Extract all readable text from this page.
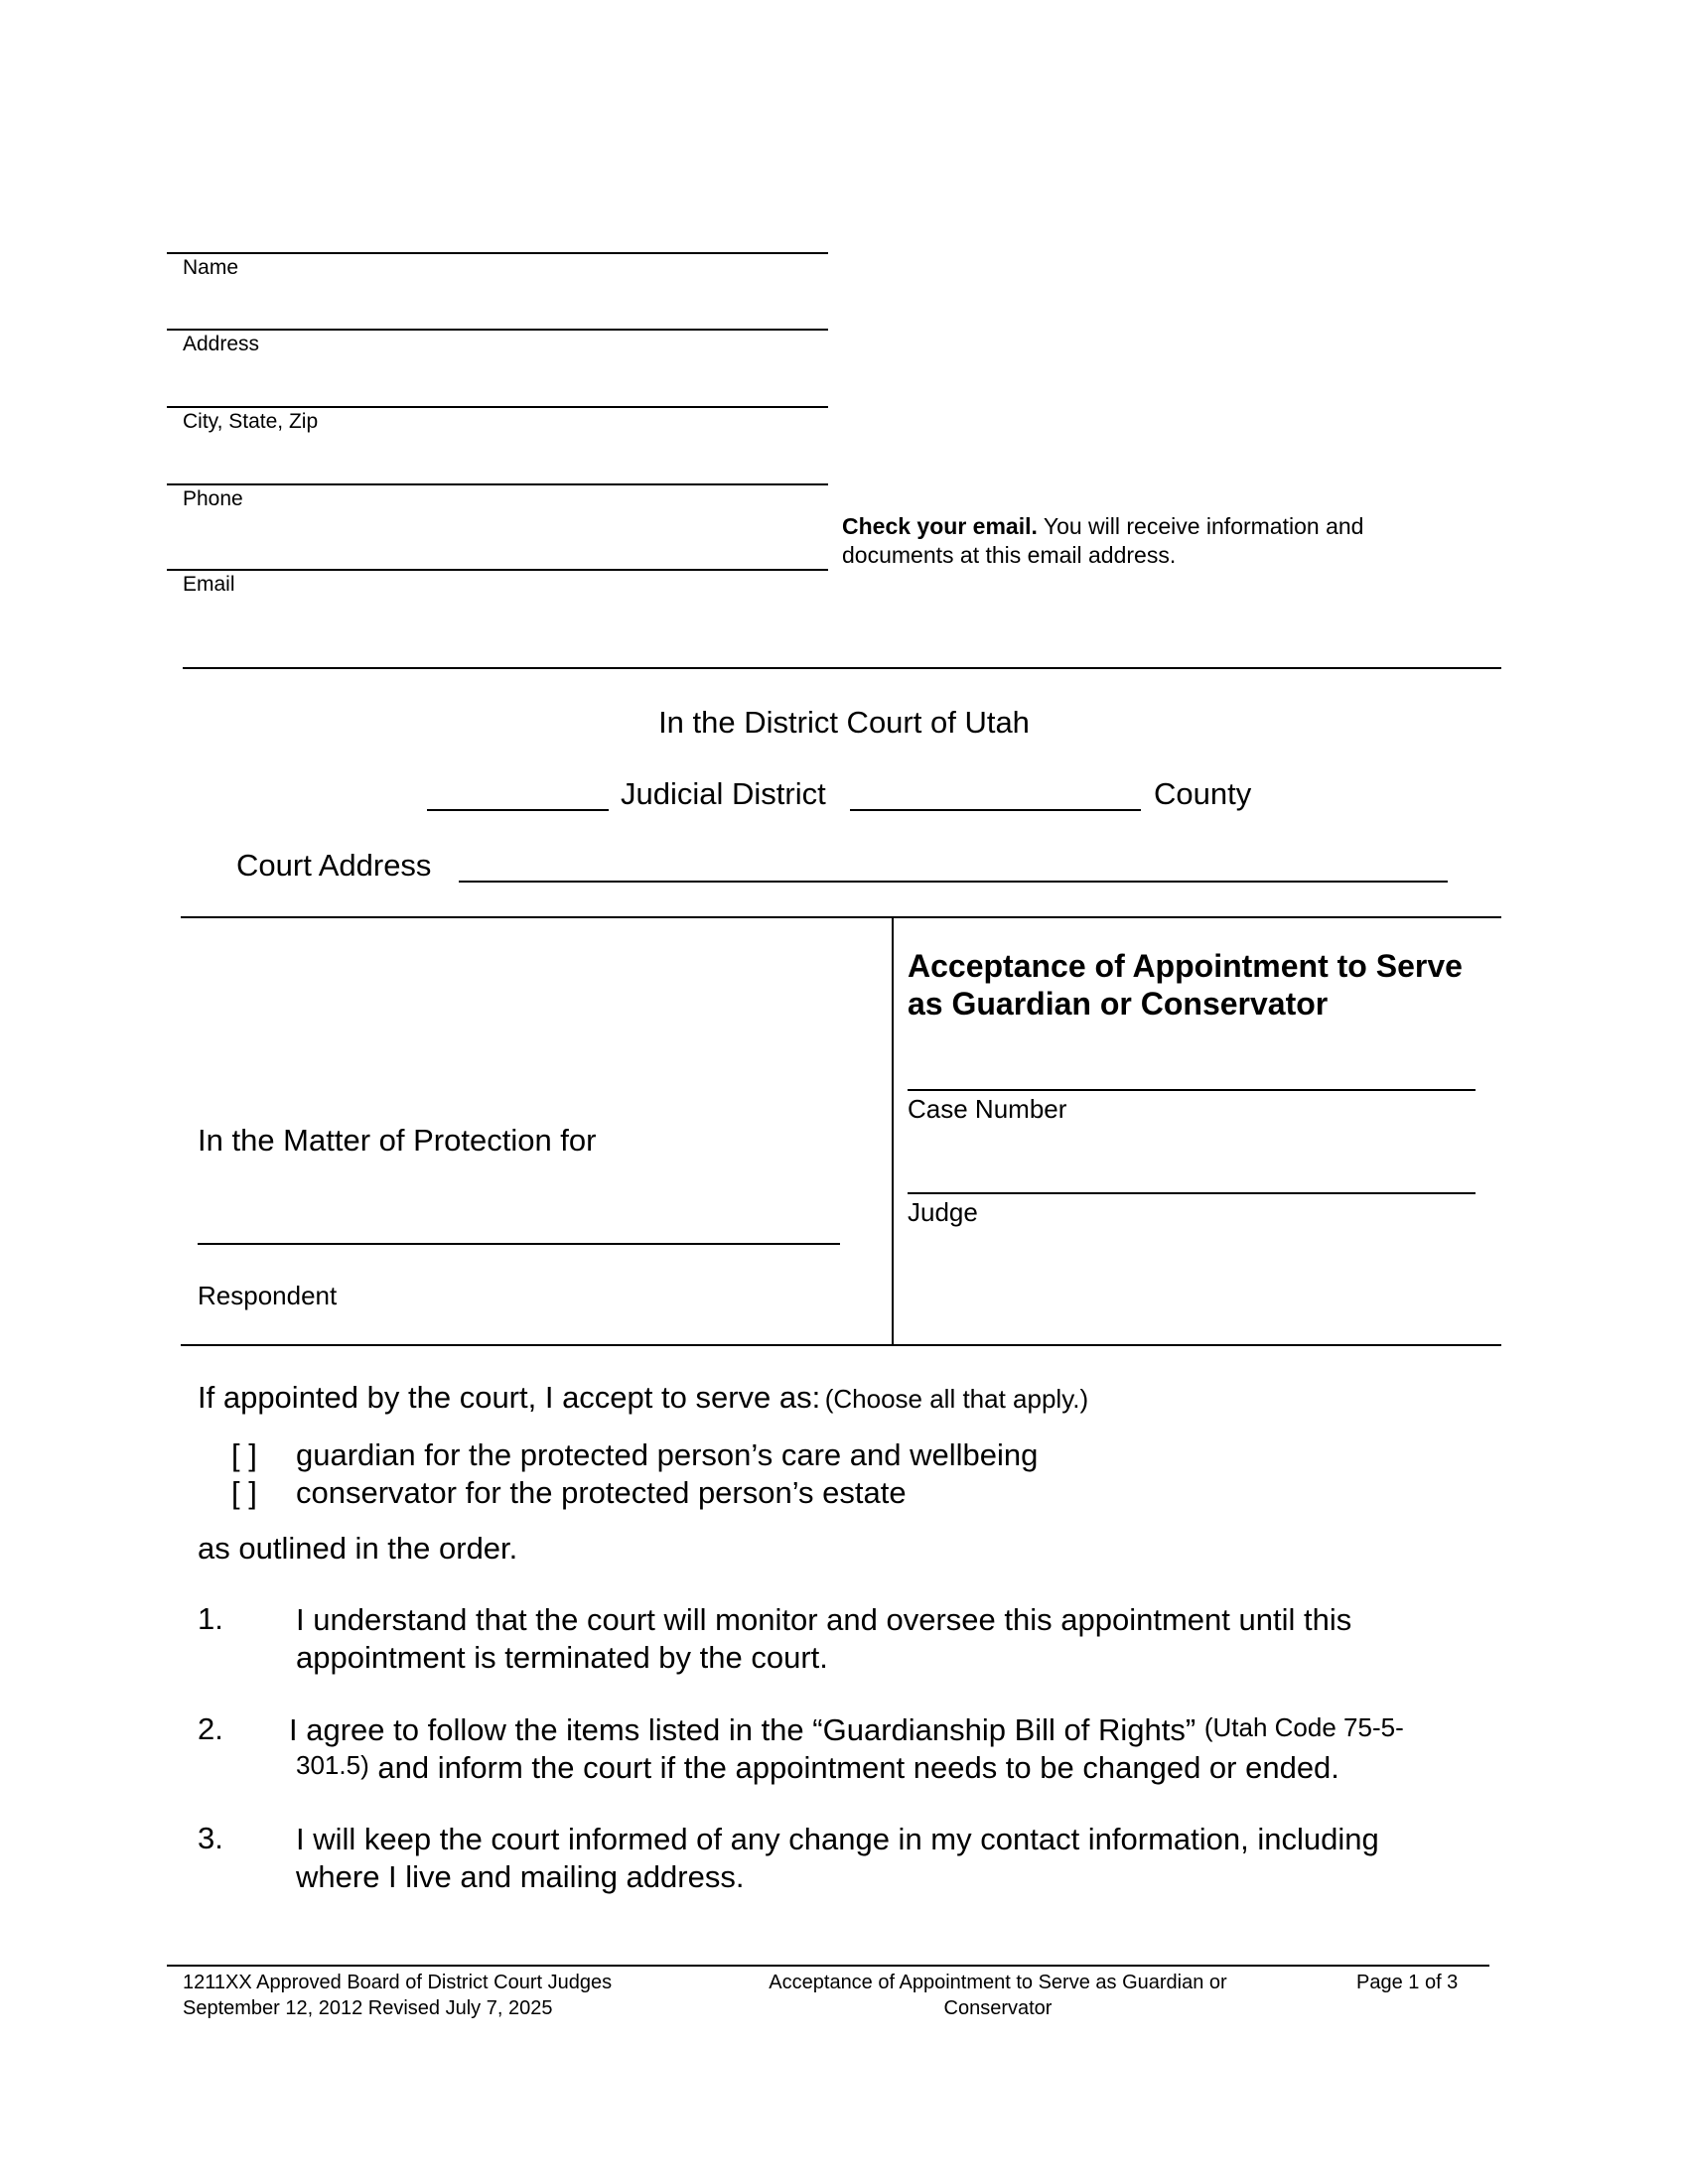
Name
Address
City, State, Zip
Phone
Email
Check your email. You will receive information and
documents at this email address.
In the District Court of Utah
Judicial District	County
Court Address
In the Matter of Protection for
Respondent
Acceptance of Appointment to Serve
as Guardian or Conservator
Case Number
Judge
If appointed by the court, I accept to serve as: (Choose all that apply.)
[ ] guardian for the protected person’s care and wellbeing
[ ] conservator for the protected person’s estate
as outlined in the order.
1. I understand that the court will monitor and oversee this appointment until this
appointment is terminated by the court.
2. I agree to follow the items listed in the “Guardianship Bill of Rights” (Utah Code 75-5-
301.5) and inform the court if the appointment needs to be changed or ended.
3. I will keep the court informed of any change in my contact information, including
where I live and mailing address.
1211XX Approved Board of District Court Judges
September 12, 2012 Revised July 7, 2025
Acceptance of Appointment to Serve as Guardian or
Conservator
Page 1 of 3
